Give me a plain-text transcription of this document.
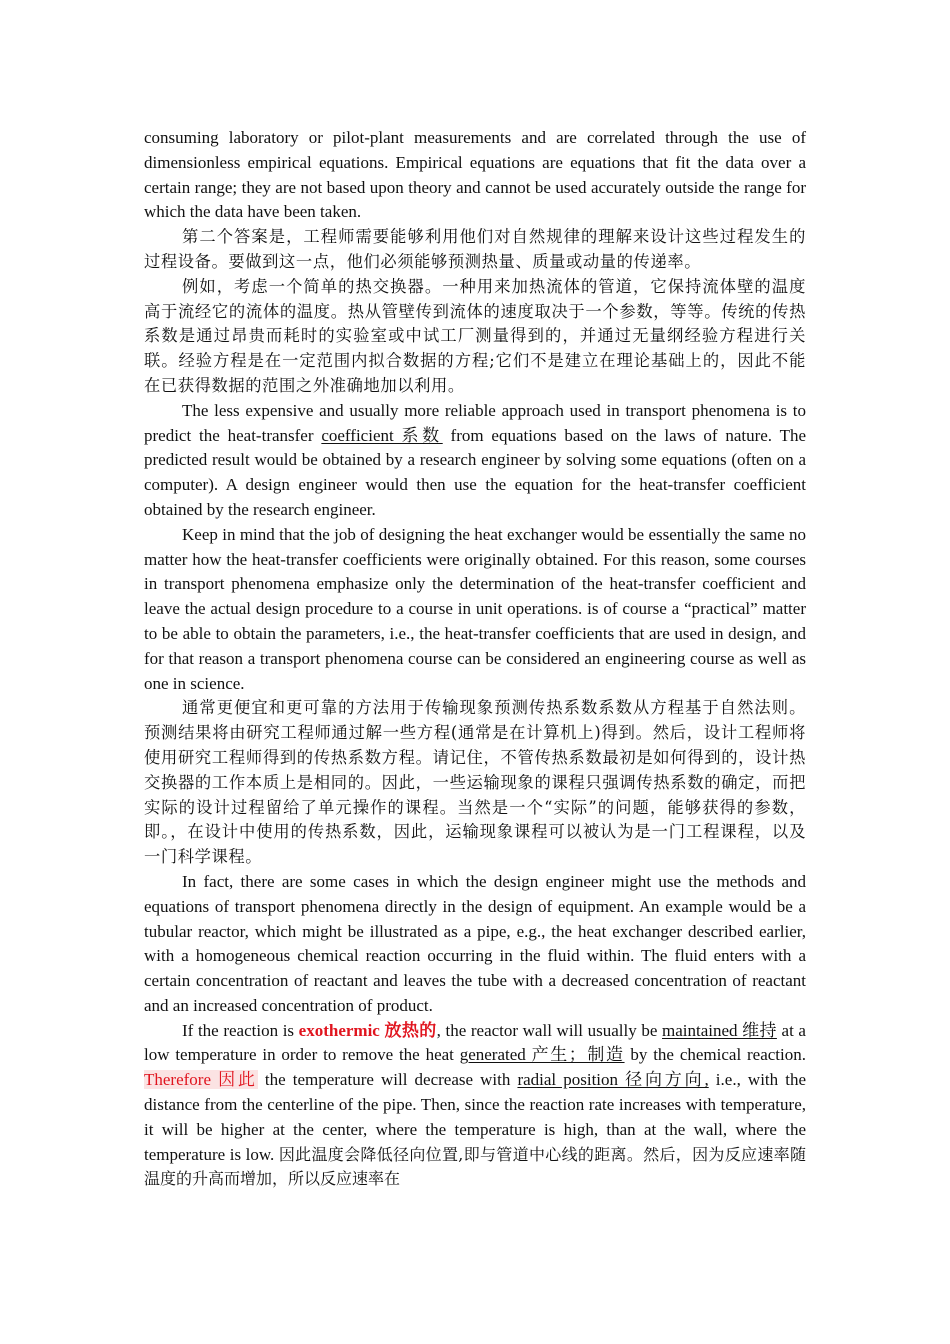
consuming laboratory or pilot-plant measurements and are correlated through the use of dimensionless empirical equations. Empirical equations are equations that fit the data over a certain range; they are not based upon theory and cannot be used accurately outside the range for which the data have been taken.

第二个答案是，工程师需要能够利用他们对自然规律的理解来设计这些过程发生的过程设备。要做到这一点，他们必须能够预测热量、质量或动量的传递率。

例如，考虑一个简单的热交换器。一种用来加热流体的管道，它保持流体壁的温度高于流经它的流体的温度。热从管壁传到流体的速度取决于一个参数，等等。传统的传热系数是通过昂贵而耗时的实验室或中试工厂测量得到的，并通过无量纲经验方程进行关联。经验方程是在一定范围内拟合数据的方程;它们不是建立在理论基础上的，因此不能在已获得数据的范围之外准确地加以利用。

The less expensive and usually more reliable approach used in transport phenomena is to predict the heat-transfer coefficient 系数 from equations based on the laws of nature. The predicted result would be obtained by a research engineer by solving some equations (often on a computer). A design engineer would then use the equation for the heat-transfer coefficient obtained by the research engineer.

Keep in mind that the job of designing the heat exchanger would be essentially the same no matter how the heat-transfer coefficients were originally obtained. For this reason, some courses in transport phenomena emphasize only the determination of the heat-transfer coefficient and leave the actual design procedure to a course in unit operations. is of course a “practical” matter to be able to obtain the parameters, i.e., the heat-transfer coefficients that are used in design, and for that reason a transport phenomena course can be considered an engineering course as well as one in science.

通常更便宜和更可靠的方法用于传输现象预测传热系数系数从方程基于自然法则。预测结果将由研究工程师通过解一些方程(通常是在计算机上)得到。然后，设计工程师将使用研究工程师得到的传热系数方程。请记住，不管传热系数最初是如何得到的，设计热交换器的工作本质上是相同的。因此，一些运输现象的课程只强调传热系数的确定，而把实际的设计过程留给了单元操作的课程。当然是一个“实际”的问题，能够获得的参数，即。，在设计中使用的传热系数，因此，运输现象课程可以被认为是一门工程课程，以及一门科学课程。

In fact, there are some cases in which the design engineer might use the methods and equations of transport phenomena directly in the design of equipment. An example would be a tubular reactor, which might be illustrated as a pipe, e.g., the heat exchanger described earlier, with a homogeneous chemical reaction occurring in the fluid within. The fluid enters with a certain concentration of reactant and leaves the tube with a decreased concentration of reactant and an increased concentration of product.

If the reaction is exothermic 放热的, the reactor wall will usually be maintained 维持 at a low temperature in order to remove the heat generated 产生；制造 by the chemical reaction. Therefore 因此 the temperature will decrease with radial position 径向方向, i.e., with the distance from the centerline of the pipe. Then, since the reaction rate increases with temperature, it will be higher at the center, where the temperature is high, than at the wall, where the temperature is low. 因此温度会降低径向位置,即与管道中心线的距离。然后，因为反应速率随温度的升高而增加，所以反应速率在
